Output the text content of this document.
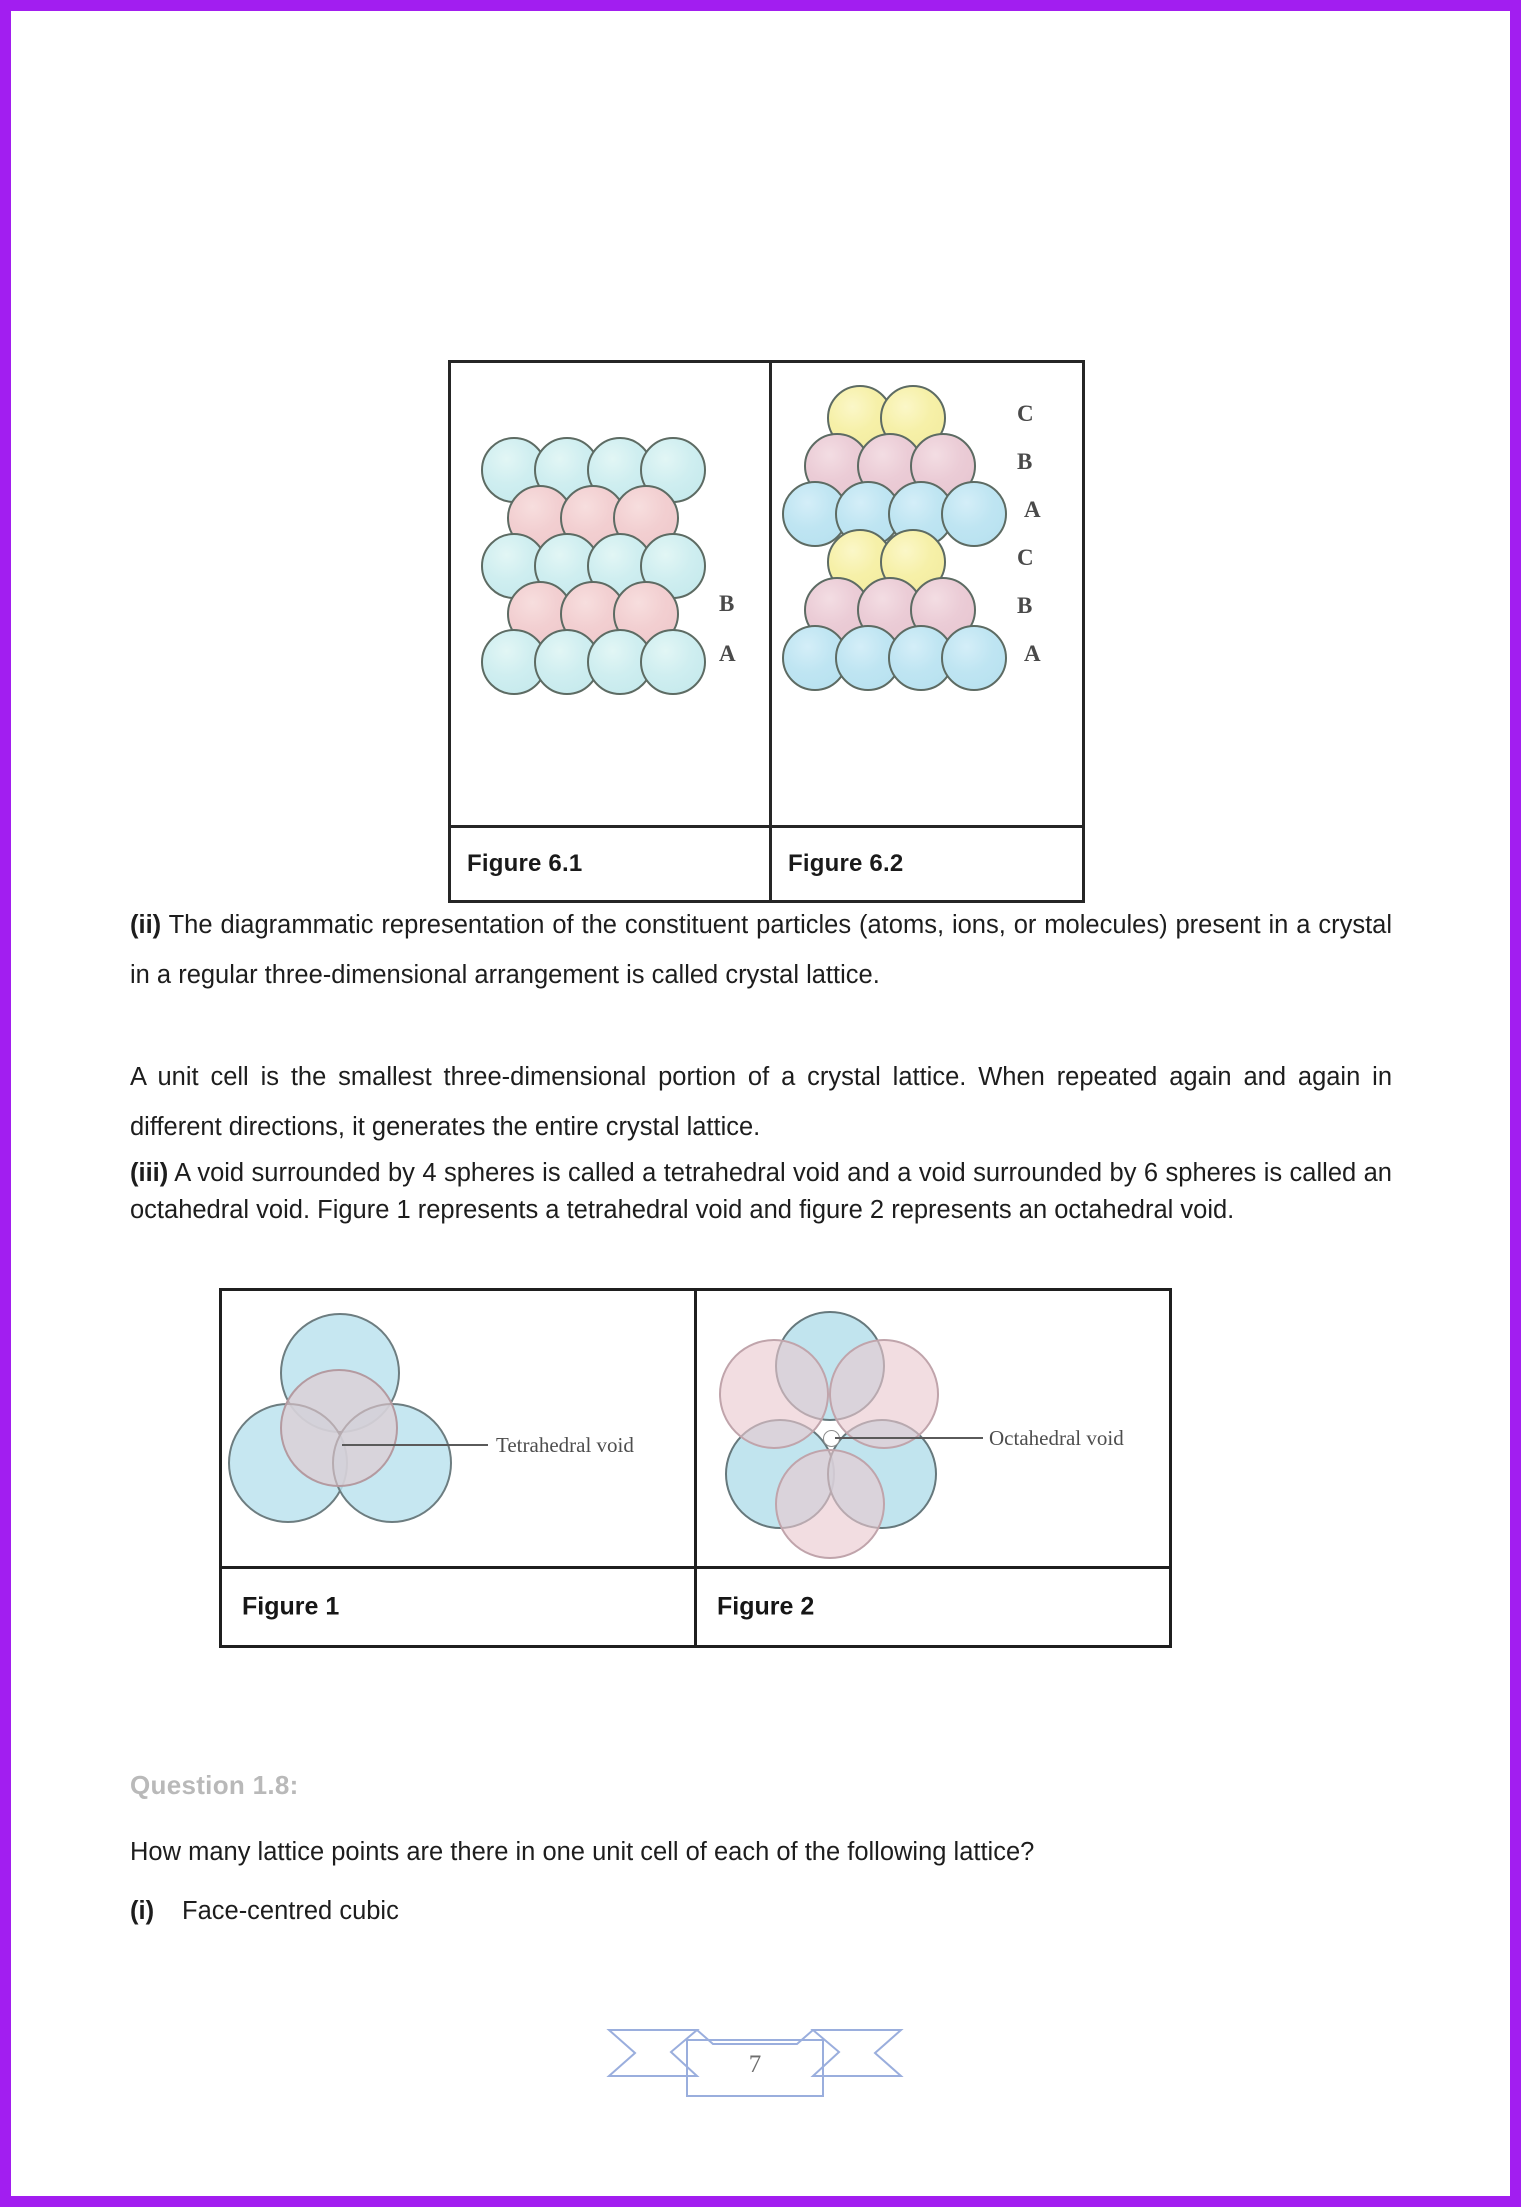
B
A

C
B
A
C
B
A

Figure 6.1	Figure 6.2

(ii) The diagrammatic representation of the constituent particles (atoms, ions, or molecules) present in a crystal in a regular three-dimensional arrangement is called crystal lattice.

A unit cell is the smallest three-dimensional portion of a crystal lattice. When repeated again and again in different directions, it generates the entire crystal lattice.

(iii) A void surrounded by 4 spheres is called a tetrahedral void and a void surrounded by 6 spheres is called an octahedral void. Figure 1 represents a tetrahedral void and figure 2 represents an octahedral void.

Tetrahedral void	Octahedral void

Figure 1	Figure 2
Question 1.8:
How many lattice points are there in one unit cell of each of the following lattice?
(i) Face-centred cubic
7
